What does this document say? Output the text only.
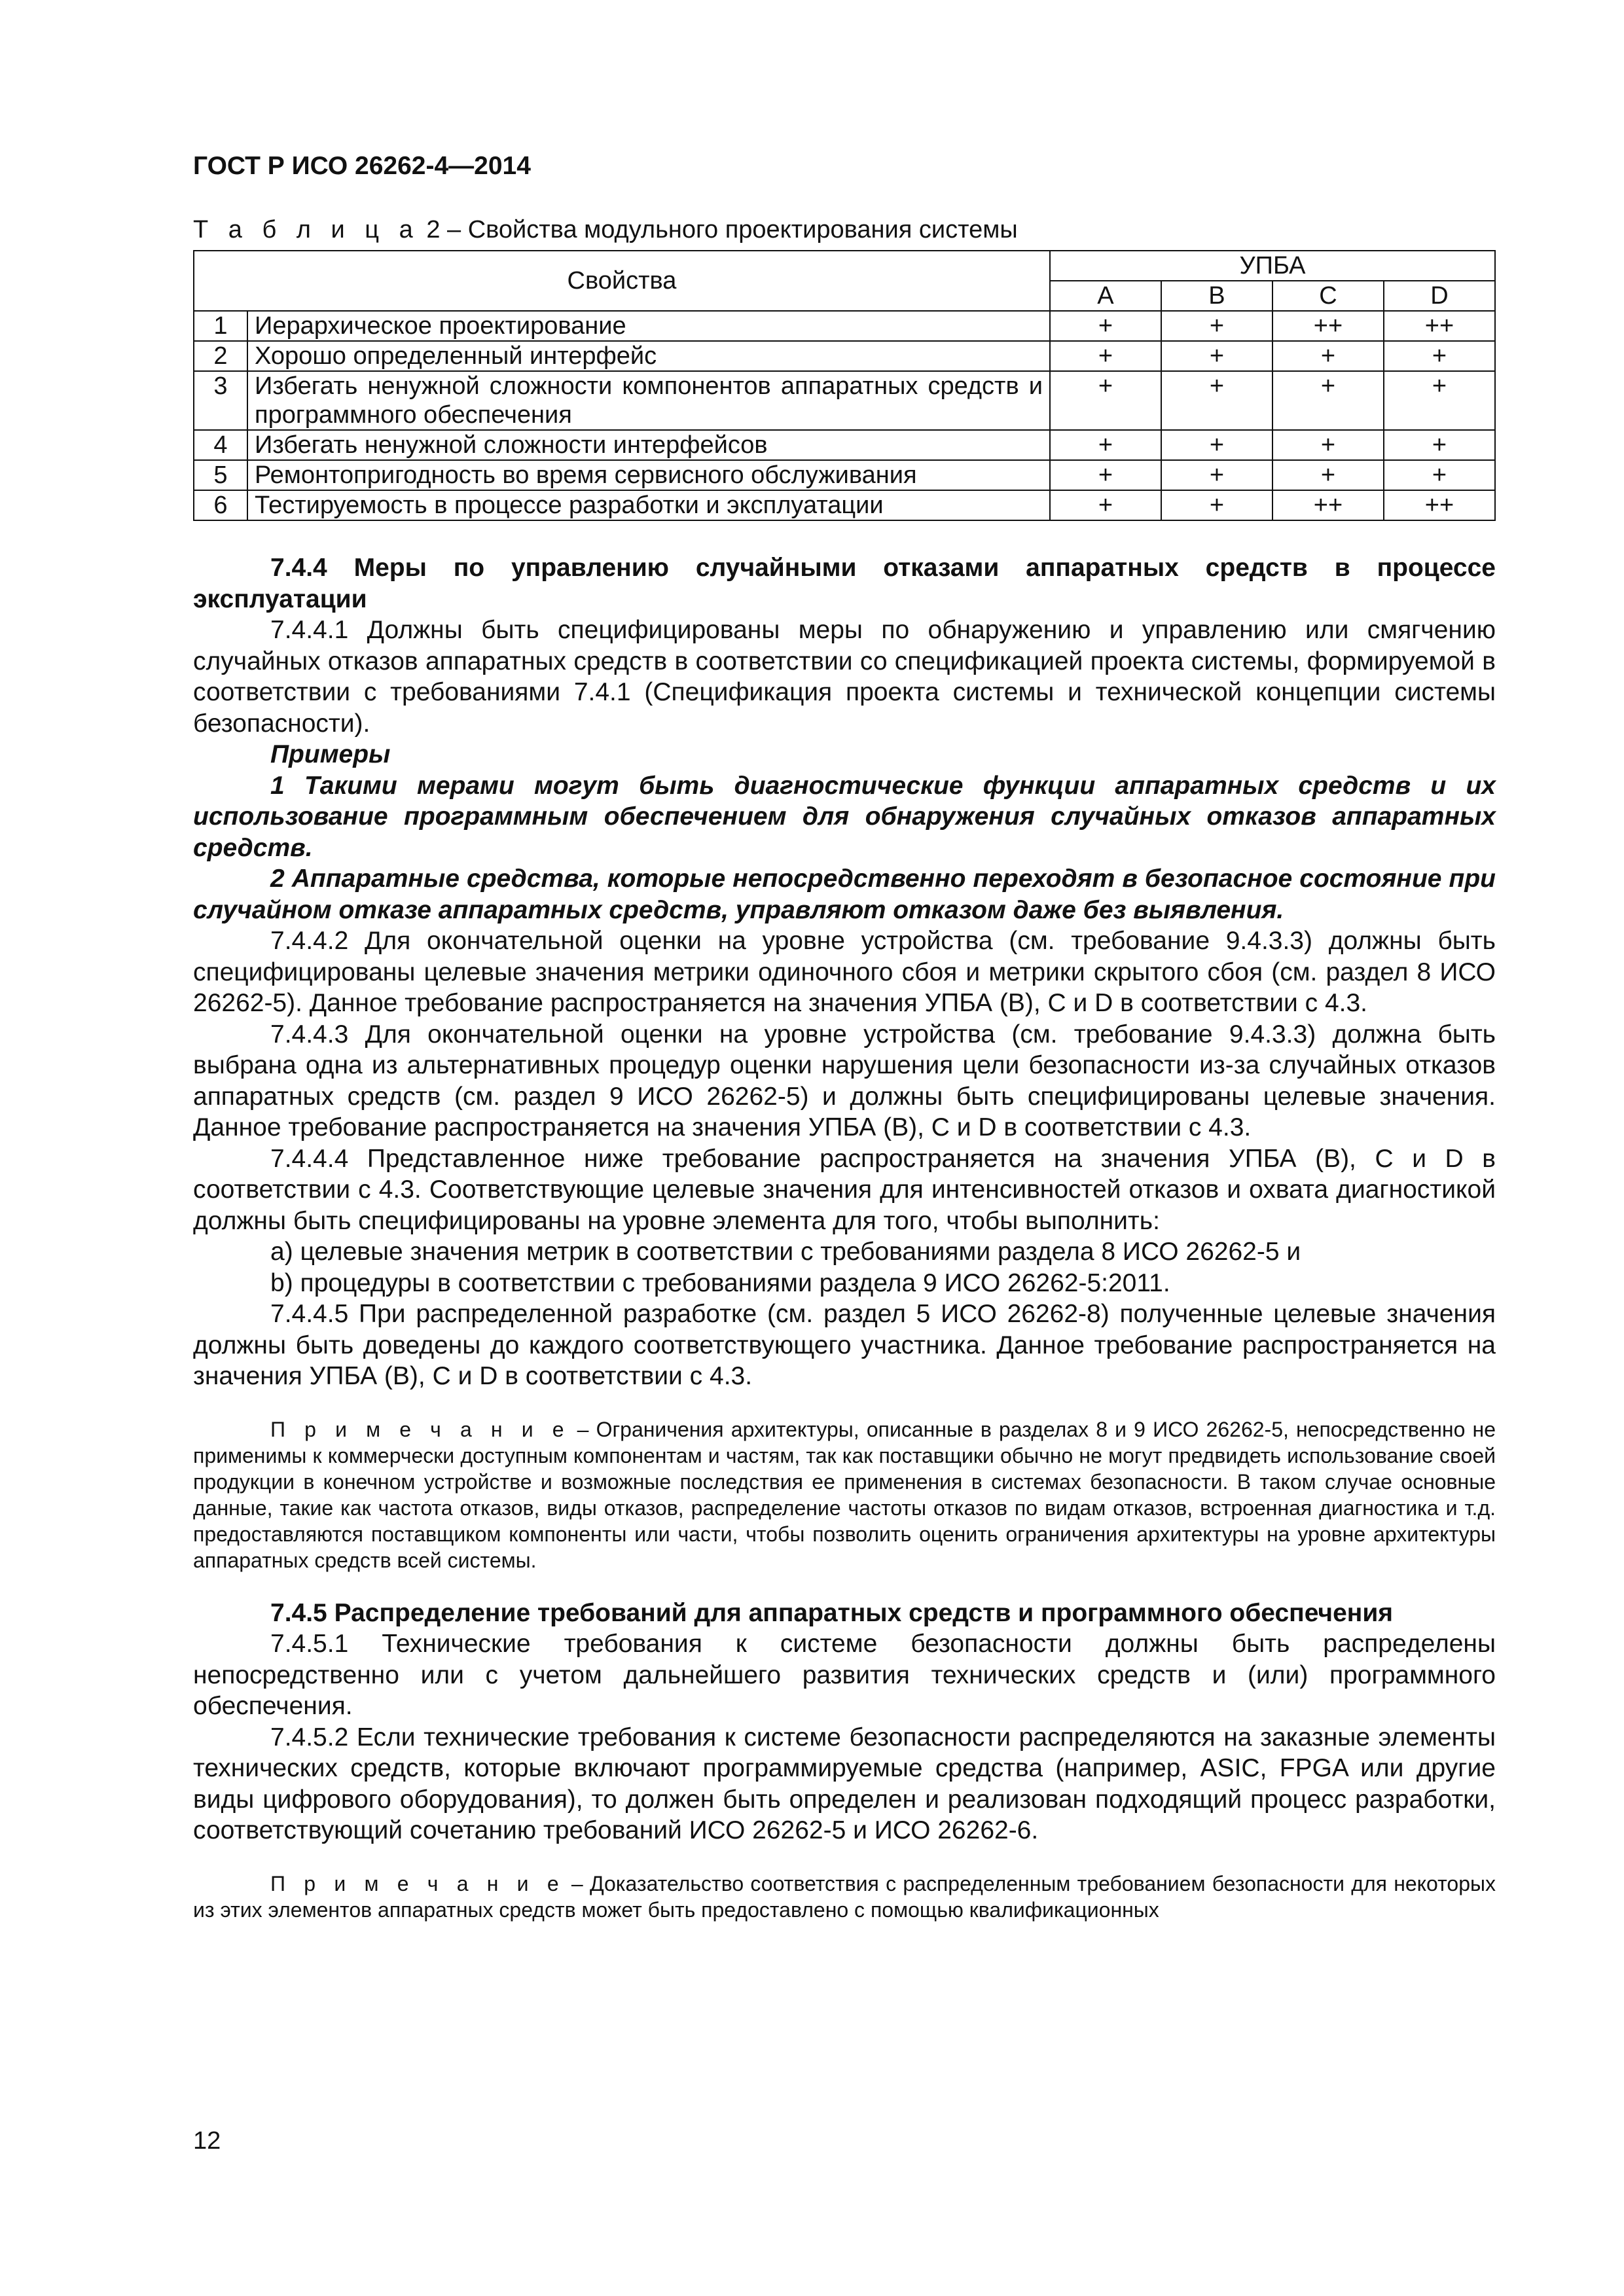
ГОСТ Р ИСО 26262-4—2014
Т а б л и ц а 2 – Свойства модульного проектирования системы
Свойства		УПБА			
		A	B	C	D
1	Иерархическое проектирование	+	+	++	++
2	Хорошо определенный интерфейс	+	+	+	+
3	Избегать ненужной сложности компонентов аппаратных средств и программного обеспечения	+	+	+	+
4	Избегать ненужной сложности интерфейсов	+	+	+	+
5	Ремонтопригодность во время сервисного обслуживания	+	+	+	+
6	Тестируемость в процессе разработки и эксплуатации	+	+	++	++

7.4.4 Меры по управлению случайными отказами аппаратных средств в процессе эксплуатации

7.4.4.1 Должны быть специфицированы меры по обнаружению и управлению или смягчению случайных отказов аппаратных средств в соответствии со спецификацией проекта системы, формируемой в соответствии с требованиями 7.4.1 (Спецификация проекта системы и технической концепции системы безопасности).

Примеры

1 Такими мерами могут быть диагностические функции аппаратных средств и их использование программным обеспечением для обнаружения случайных отказов аппаратных средств.

2 Аппаратные средства, которые непосредственно переходят в безопасное состояние при случайном отказе аппаратных средств, управляют отказом даже без выявления.

7.4.4.2 Для окончательной оценки на уровне устройства (см. требование 9.4.3.3) должны быть специфицированы целевые значения метрики одиночного сбоя и метрики скрытого сбоя (см. раздел 8 ИСО 26262-5). Данное требование распространяется на значения УПБА (B), C и D в соответствии с 4.3.

7.4.4.3 Для окончательной оценки на уровне устройства (см. требование 9.4.3.3) должна быть выбрана одна из альтернативных процедур оценки нарушения цели безопасности из-за случайных отказов аппаратных средств (см. раздел 9 ИСО 26262-5) и должны быть специфицированы целевые значения. Данное требование распространяется на значения УПБА (B), C и D в соответствии с 4.3.

7.4.4.4 Представленное ниже требование распространяется на значения УПБА (B), C и D в соответствии с 4.3. Соответствующие целевые значения для интенсивностей отказов и охвата диагностикой должны быть специфицированы на уровне элемента для того, чтобы выполнить:

а) целевые значения метрик в соответствии с требованиями раздела 8 ИСО 26262-5 и

b) процедуры в соответствии с требованиями раздела 9 ИСО 26262-5:2011.

7.4.4.5 При распределенной разработке (см. раздел 5 ИСО 26262-8) полученные целевые значения должны быть доведены до каждого соответствующего участника. Данное требование распространяется на значения УПБА (B), C и D в соответствии с 4.3.

П р и м е ч а н и е – Ограничения архитектуры, описанные в разделах 8 и 9 ИСО 26262-5, непосредственно не применимы к коммерчески доступным компонентам и частям, так как поставщики обычно не могут предвидеть использование своей продукции в конечном устройстве и возможные последствия ее применения в системах безопасности. В таком случае основные данные, такие как частота отказов, виды отказов, распределение частоты отказов по видам отказов, встроенная диагностика и т.д. предоставляются поставщиком компоненты или части, чтобы позволить оценить ограничения архитектуры на уровне архитектуры аппаратных средств всей системы.

7.4.5 Распределение требований для аппаратных средств и программного обеспечения

7.4.5.1 Технические требования к системе безопасности должны быть распределены непосредственно или с учетом дальнейшего развития технических средств и (или) программного обеспечения.

7.4.5.2 Если технические требования к системе безопасности распределяются на заказные элементы технических средств, которые включают программируемые средства (например, ASIC, FPGA или другие виды цифрового оборудования), то должен быть определен и реализован подходящий процесс разработки, соответствующий сочетанию требований ИСО 26262-5 и ИСО 26262-6.

П р и м е ч а н и е – Доказательство соответствия с распределенным требованием безопасности для некоторых из этих элементов аппаратных средств может быть предоставлено с помощью квалификационных

12
